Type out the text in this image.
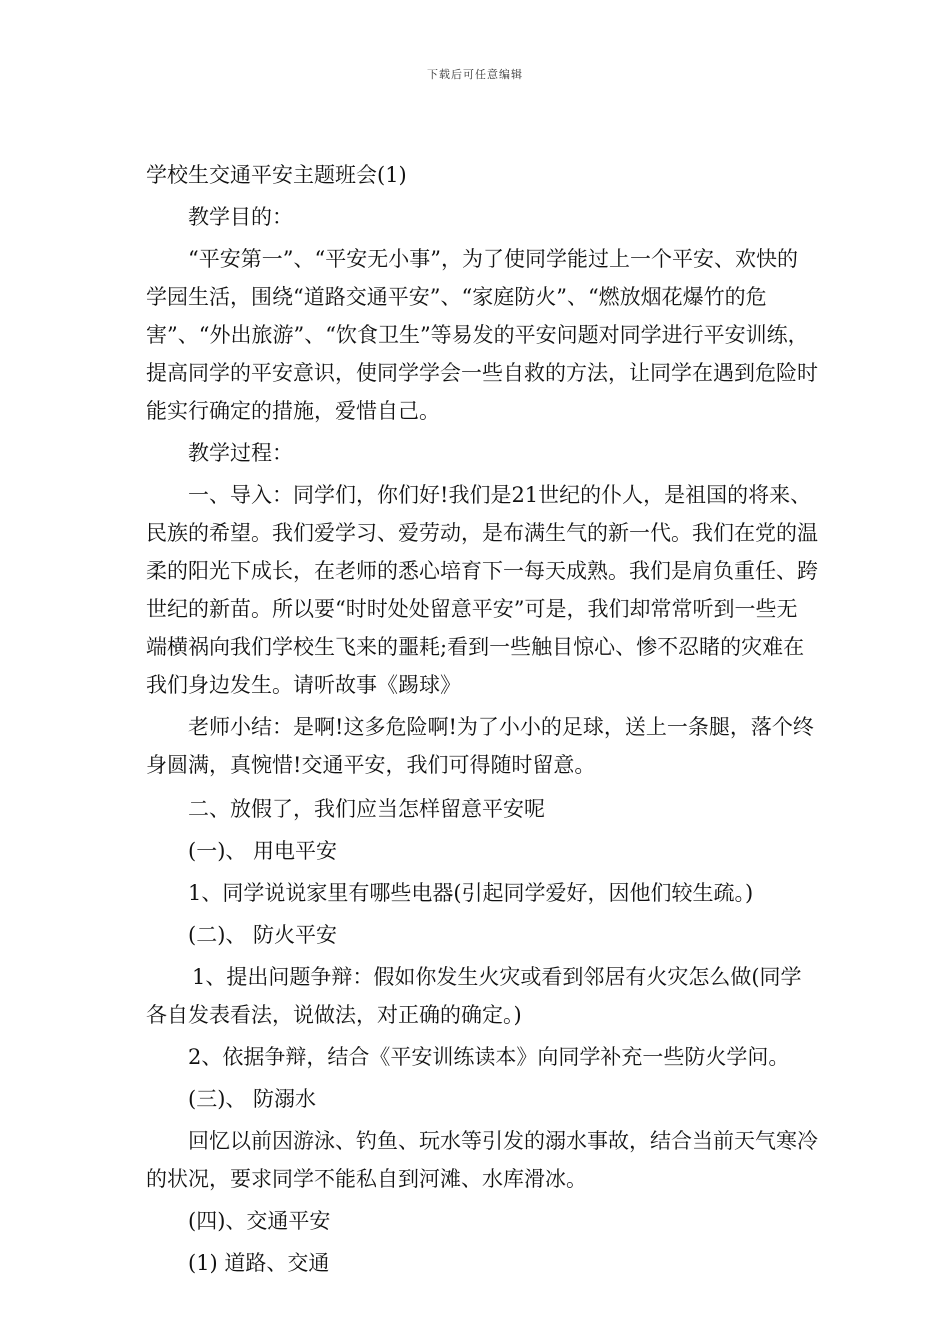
下载后可任意编辑

学校生交通平安主题班会(1)

教学目的：

“平安第一”、“平安无小事”，为了使同学能过上一个平安、欢快的学园生活，围绕“道路交通平安”、“家庭防火”、“燃放烟花爆竹的危害”、“外出旅游”、“饮食卫生”等易发的平安问题对同学进行平安训练，提高同学的平安意识，使同学学会一些自救的方法，让同学在遇到危险时能实行确定的措施，爱惜自己。

教学过程：

一、导入：同学们，你们好!我们是21世纪的仆人，是祖国的将来、民族的希望。我们爱学习、爱劳动，是布满生气的新一代。我们在党的温柔的阳光下成长，在老师的悉心培育下一每天成熟。我们是肩负重任、跨世纪的新苗。所以要“时时处处留意平安”可是，我们却常常听到一些无端横祸向我们学校生飞来的噩耗;看到一些触目惊心、惨不忍睹的灾难在我们身边发生。请听故事《踢球》

老师小结：是啊!这多危险啊!为了小小的足球，送上一条腿，落个终身圆满，真惋惜!交通平安，我们可得随时留意。

二、放假了，我们应当怎样留意平安呢

(一)、 用电平安

1、同学说说家里有哪些电器(引起同学爱好，因他们较生疏。)

(二)、 防火平安

1、提出问题争辩：假如你发生火灾或看到邻居有火灾怎么做(同学各自发表看法，说做法，对正确的确定。)

2、依据争辩，结合《平安训练读本》向同学补充一些防火学问。

(三)、 防溺水

回忆以前因游泳、钓鱼、玩水等引发的溺水事故，结合当前天气寒冷的状况，要求同学不能私自到河滩、水库滑冰。

(四)、交通平安

(1) 道路、交通
